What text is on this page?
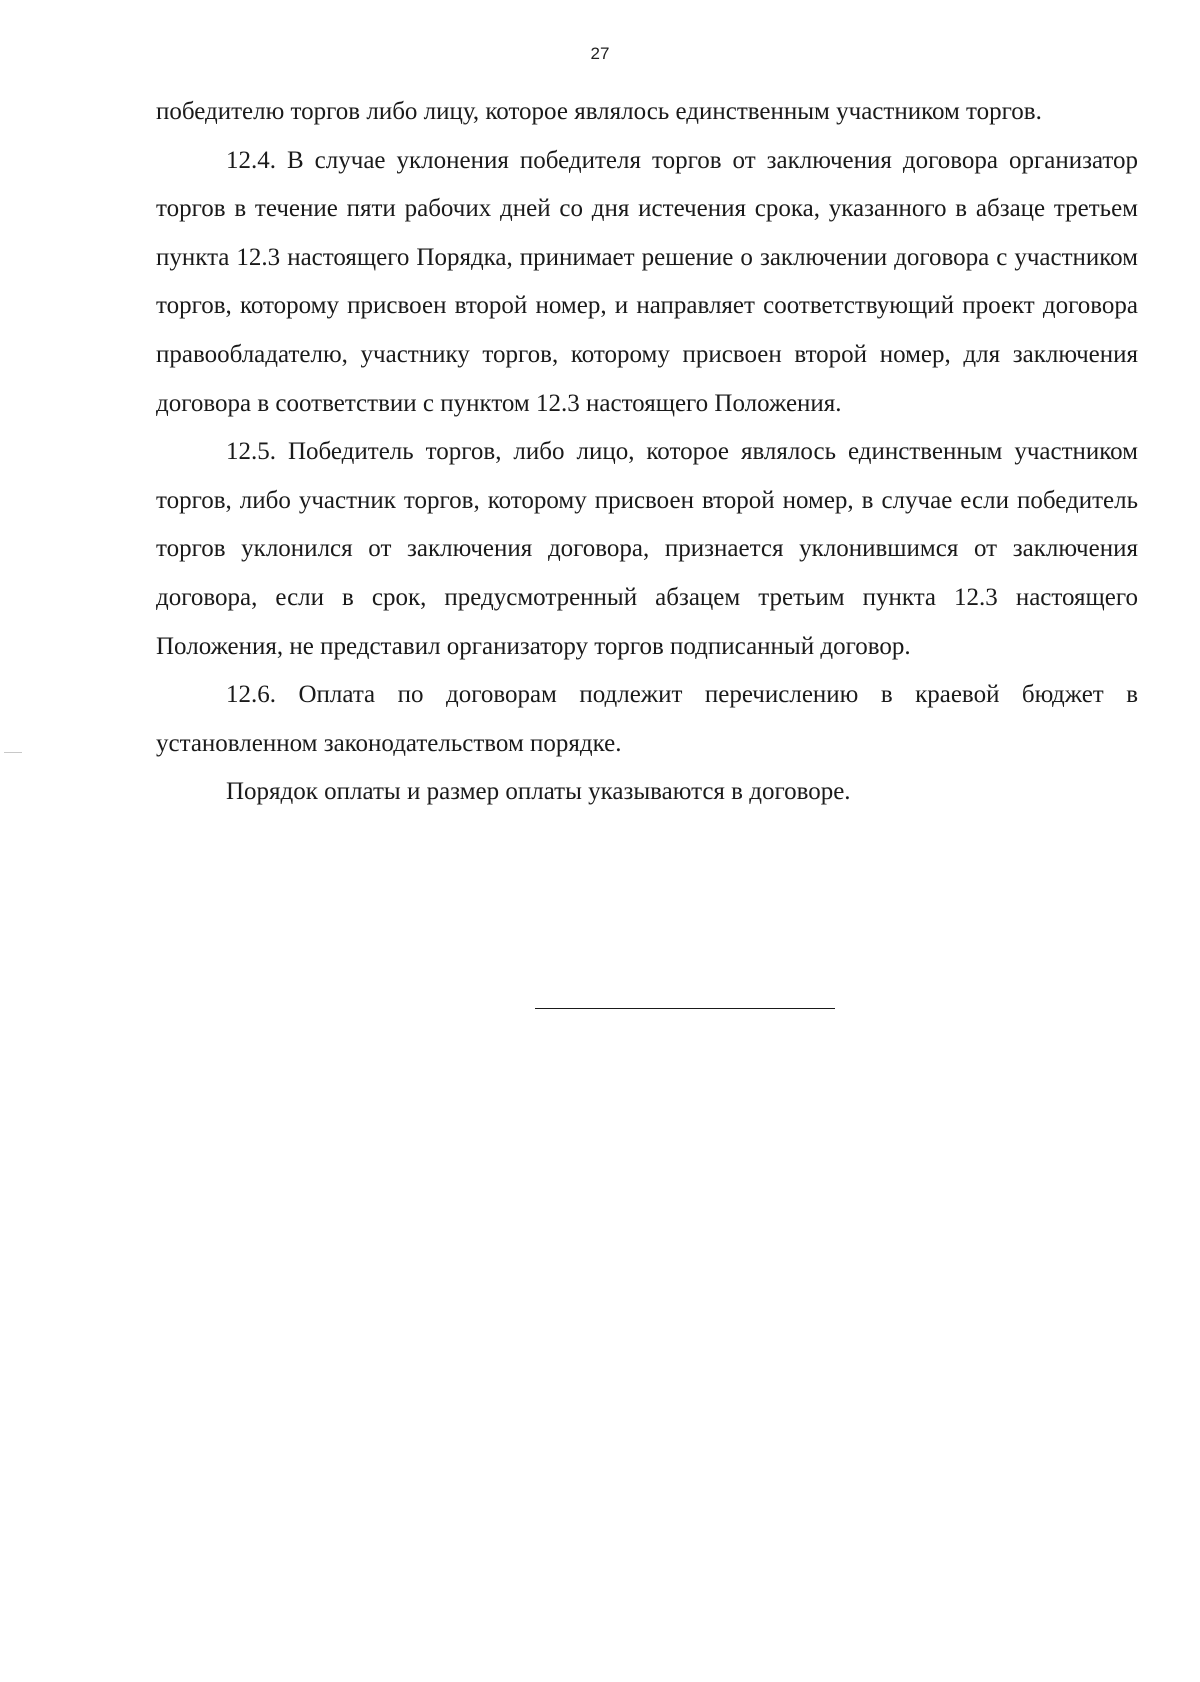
27

победителю торгов либо лицу, которое являлось единственным участником торгов.

12.4. В случае уклонения победителя торгов от заключения договора организатор торгов в течение пяти рабочих дней со дня истечения срока, указанного в абзаце третьем пункта 12.3 настоящего Порядка, принимает решение о заключении договора с участником торгов, которому присвоен второй номер, и направляет соответствующий проект договора правообладателю, участнику торгов, которому присвоен второй номер, для заключения договора в соответствии с пунктом 12.3 настоящего Положения.

12.5. Победитель торгов, либо лицо, которое являлось единственным участником торгов, либо участник торгов, которому присвоен второй номер, в случае если победитель торгов уклонился от заключения договора, признается уклонившимся от заключения договора, если в срок, предусмотренный абзацем третьим пункта 12.3 настоящего Положения, не представил организатору торгов подписанный договор.

12.6. Оплата по договорам подлежит перечислению в краевой бюджет в установленном законодательством порядке.

Порядок оплаты и размер оплаты указываются в договоре.
